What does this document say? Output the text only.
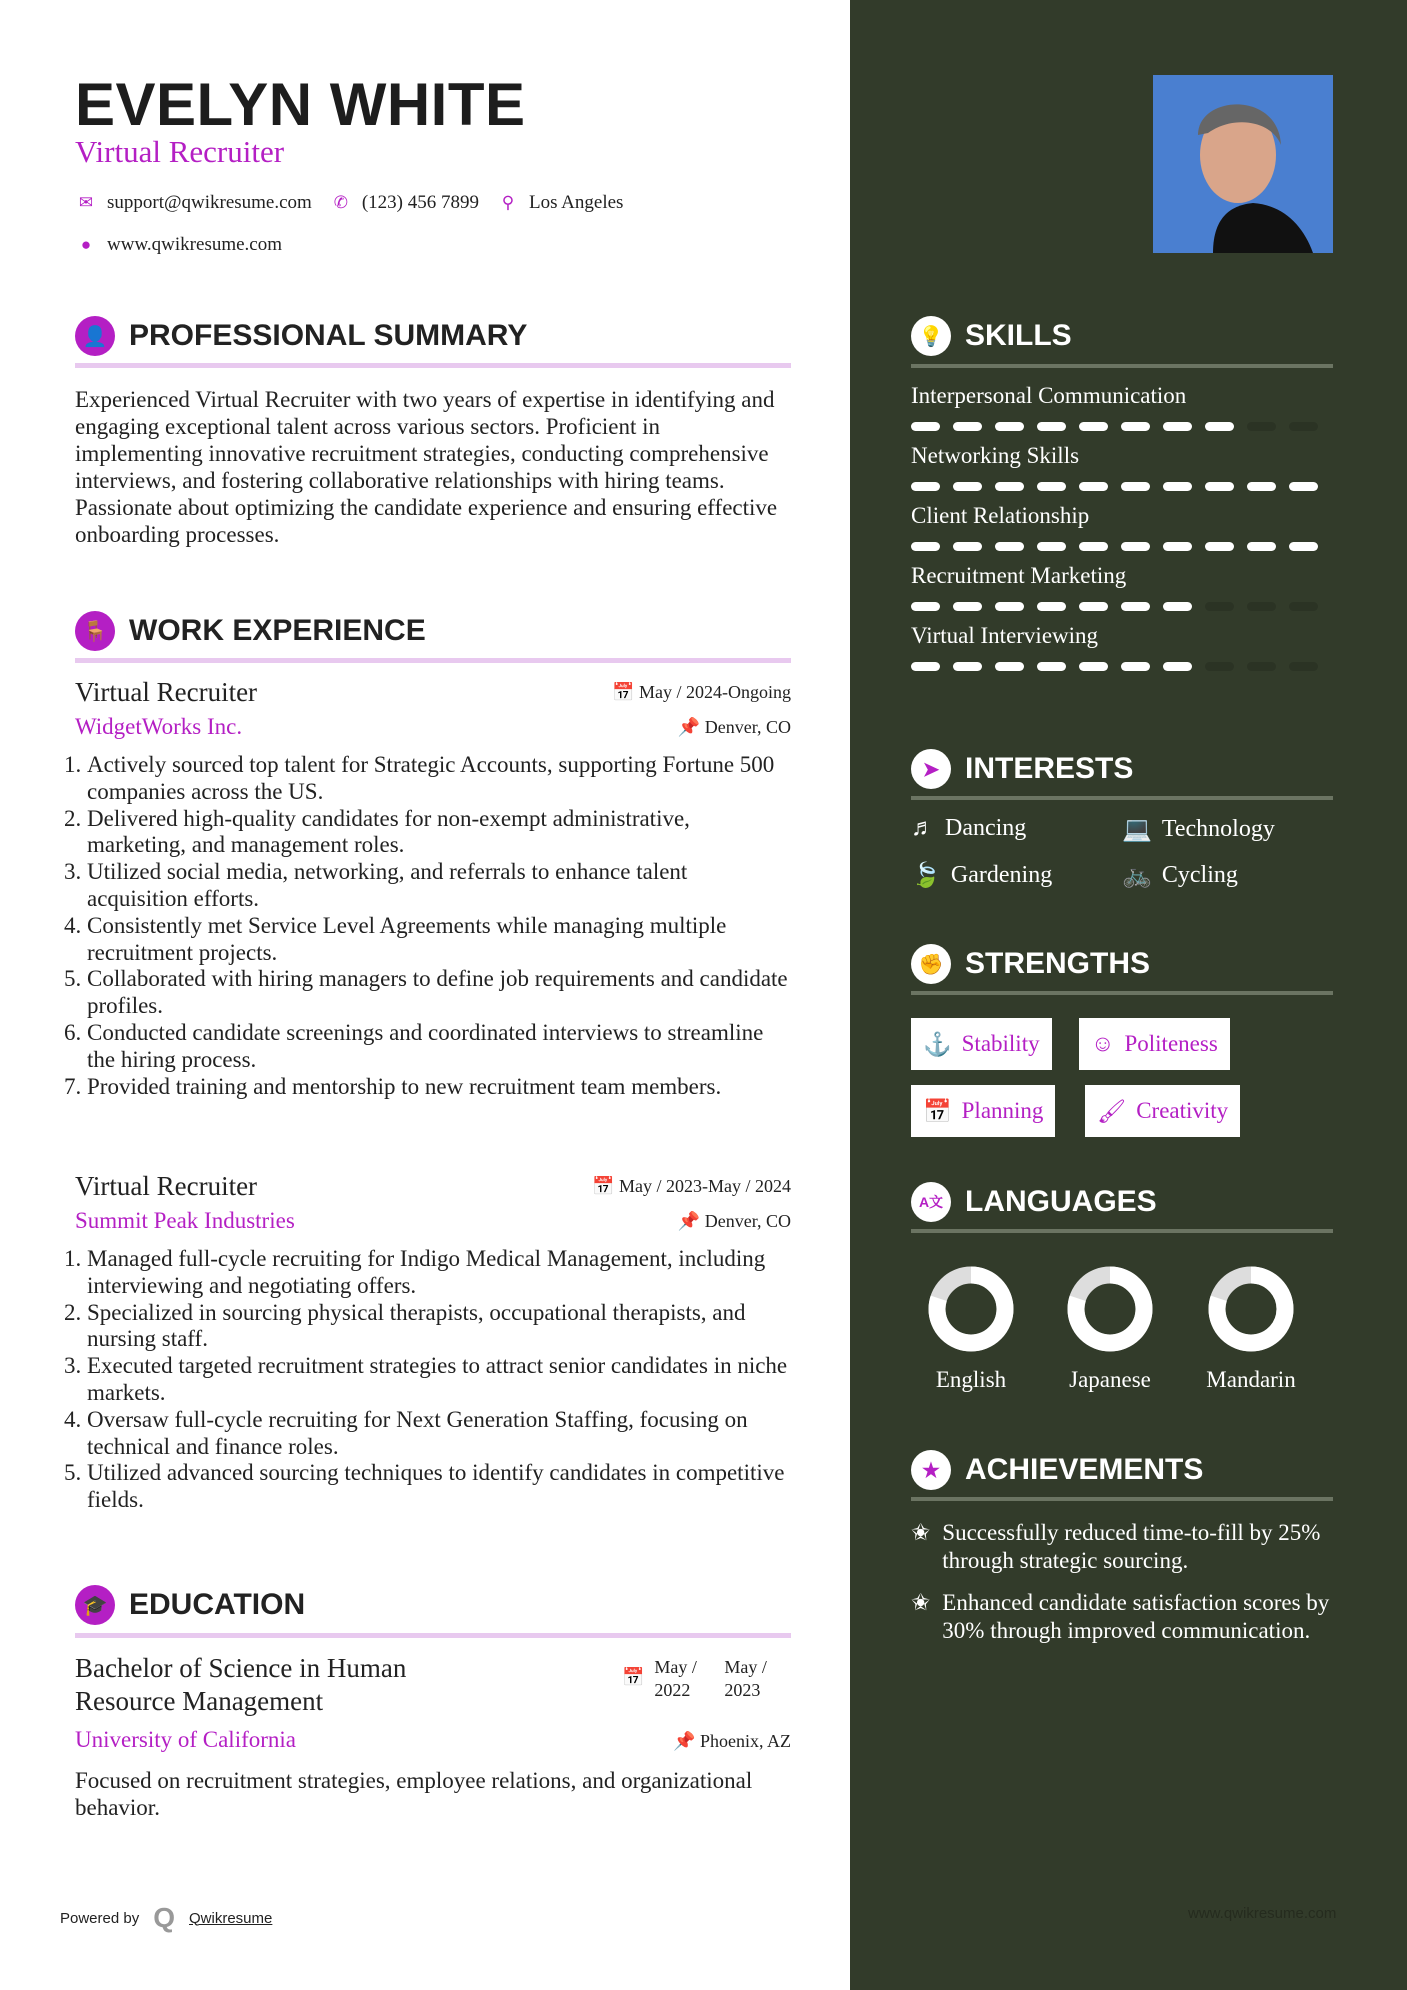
EVELYN WHITE
Virtual Recruiter
✉ support@qwikresume.com ✆ (123) 456 7899 ⚲ Los Angeles
● www.qwikresume.com
👤 PROFESSIONAL SUMMARY
Experienced Virtual Recruiter with two years of expertise in identifying and engaging exceptional talent across various sectors. Proficient in implementing innovative recruitment strategies, conducting comprehensive interviews, and fostering collaborative relationships with hiring teams. Passionate about optimizing the candidate experience and ensuring effective onboarding processes.
🪑 WORK EXPERIENCE
Virtual Recruiter	📅 May / 2024-Ongoing
WidgetWorks Inc.	📌 Denver, CO
1. Actively sourced top talent for Strategic Accounts, supporting Fortune 500 companies across the US.
2. Delivered high-quality candidates for non-exempt administrative, marketing, and management roles.
3. Utilized social media, networking, and referrals to enhance talent acquisition efforts.
4. Consistently met Service Level Agreements while managing multiple recruitment projects.
5. Collaborated with hiring managers to define job requirements and candidate profiles.
6. Conducted candidate screenings and coordinated interviews to streamline the hiring process.
7. Provided training and mentorship to new recruitment team members.
Virtual Recruiter	📅 May / 2023-May / 2024
Summit Peak Industries	📌 Denver, CO
1. Managed full-cycle recruiting for Indigo Medical Management, including interviewing and negotiating offers.
2. Specialized in sourcing physical therapists, occupational therapists, and nursing staff.
3. Executed targeted recruitment strategies to attract senior candidates in niche markets.
4. Oversaw full-cycle recruiting for Next Generation Staffing, focusing on technical and finance roles.
5. Utilized advanced sourcing techniques to identify candidates in competitive fields.
🎓 EDUCATION
Bachelor of Science in Human
Resource Management
📅 May / 2022
May / 2023
University of California	📌 Phoenix, AZ
Focused on recruitment strategies, employee relations, and organizational behavior.
Powered by Q Qwikresume	www.qwikresume.com
💡 SKILLS
Interpersonal Communication
Networking Skills
Client Relationship
Recruitment Marketing
Virtual Interviewing
➤ INTERESTS
♬ Dancing	💻 Technology
🍃 Gardening	🚲 Cycling
✊ STRENGTHS
⚓ Stability ☺ Politeness
📅 Planning 🖌 Creativity
A文 LANGUAGES
English	Japanese	Mandarin
★ ACHIEVEMENTS
✬ Successfully reduced time-to-fill by 25% through strategic sourcing.
✬ Enhanced candidate satisfaction scores by 30% through improved communication.
